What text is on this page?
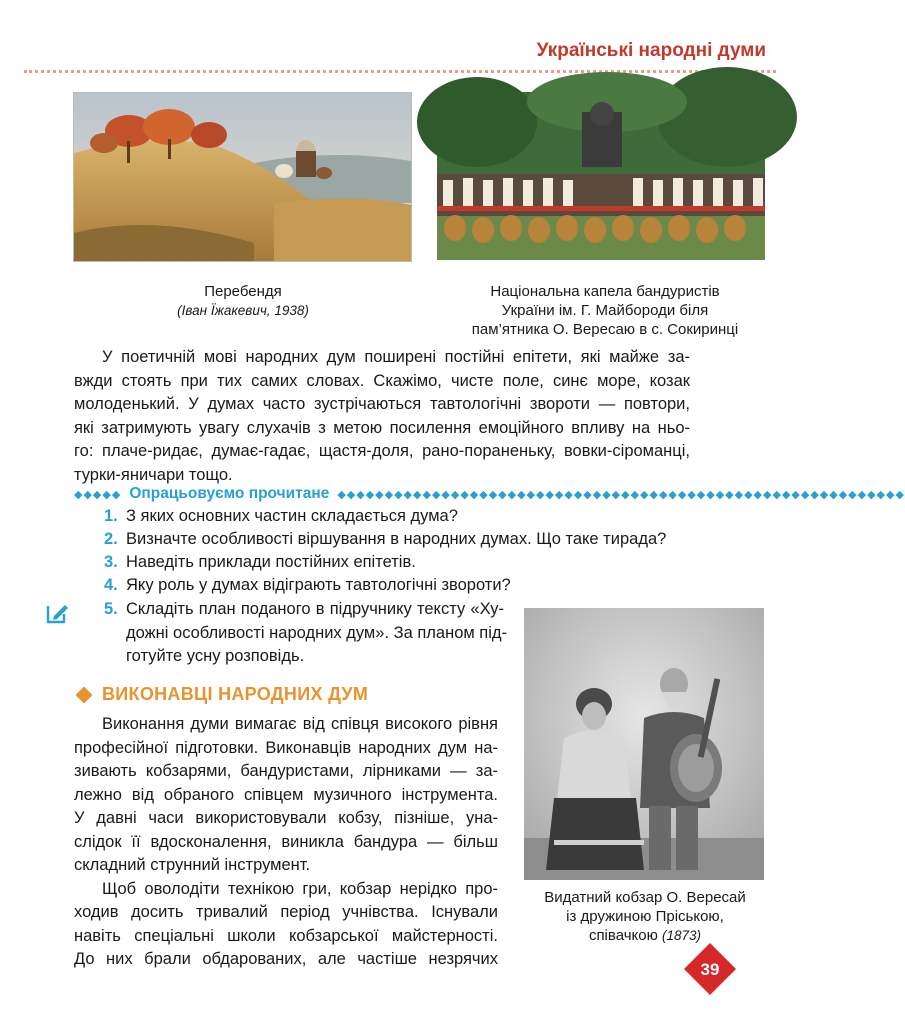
Українські народні думи
Перебендя
(Іван Їжакевич, 1938)
Національна капела бандуристів
України ім. Г. Майбороди біля
пам’ятника О. Вересаю в с. Сокиринці
У поетичній мові народних дум поширені постійні епітети, які майже за-
вжди стоять при тих самих словах. Скажімо, чисте поле, синє море, козак
молоденький. У думах часто зустрічаються тавтологічні звороти — повтори,
які затримують увагу слухачів з метою посилення емоційного впливу на ньо-
го: плаче-ридає, думає-гадає, щастя-доля, рано-пораненьку, вовки-сіроманці,
турки-яничари тощо.
◆◆◆◆◆ Опрацьовуємо прочитане ◆◆◆◆◆◆◆◆◆◆◆◆◆◆◆◆◆◆◆◆◆◆◆◆◆◆◆◆◆◆◆◆◆◆◆◆◆◆◆◆◆◆◆◆◆◆◆◆◆◆◆◆◆◆◆◆◆◆◆◆
1. З яких основних частин складається дума?
2. Визначте особливості віршування в народних думах. Що таке тирада?
3. Наведіть приклади постійних епітетів.
4. Яку роль у думах відіграють тавтологічні звороти?
5. Складіть план поданого в підручнику тексту «Ху-
дожні особливості народних дум». За планом під-
готуйте усну розповідь.
Видатний кобзар О. Вересай
із дружиною Пріською,
співачкою (1873)
ВИКОНАВЦІ НАРОДНИХ ДУМ
Виконання думи вимагає від співця високого рівня
професійної підготовки. Виконавців народних дум на-
зивають кобзарями, бандуристами, лірниками — за-
лежно від обраного співцем музичного інструмента.
У давні часи використовували кобзу, пізніше, уна-
слідок її вдосконалення, виникла бандура — більш
складний струнний інструмент.
Щоб оволодіти технікою гри, кобзар нерідко про-
ходив досить тривалий період учнівства. Існували
навіть спеціальні школи кобзарської майстерності.
До них брали обдарованих, але частіше незрячих
39
